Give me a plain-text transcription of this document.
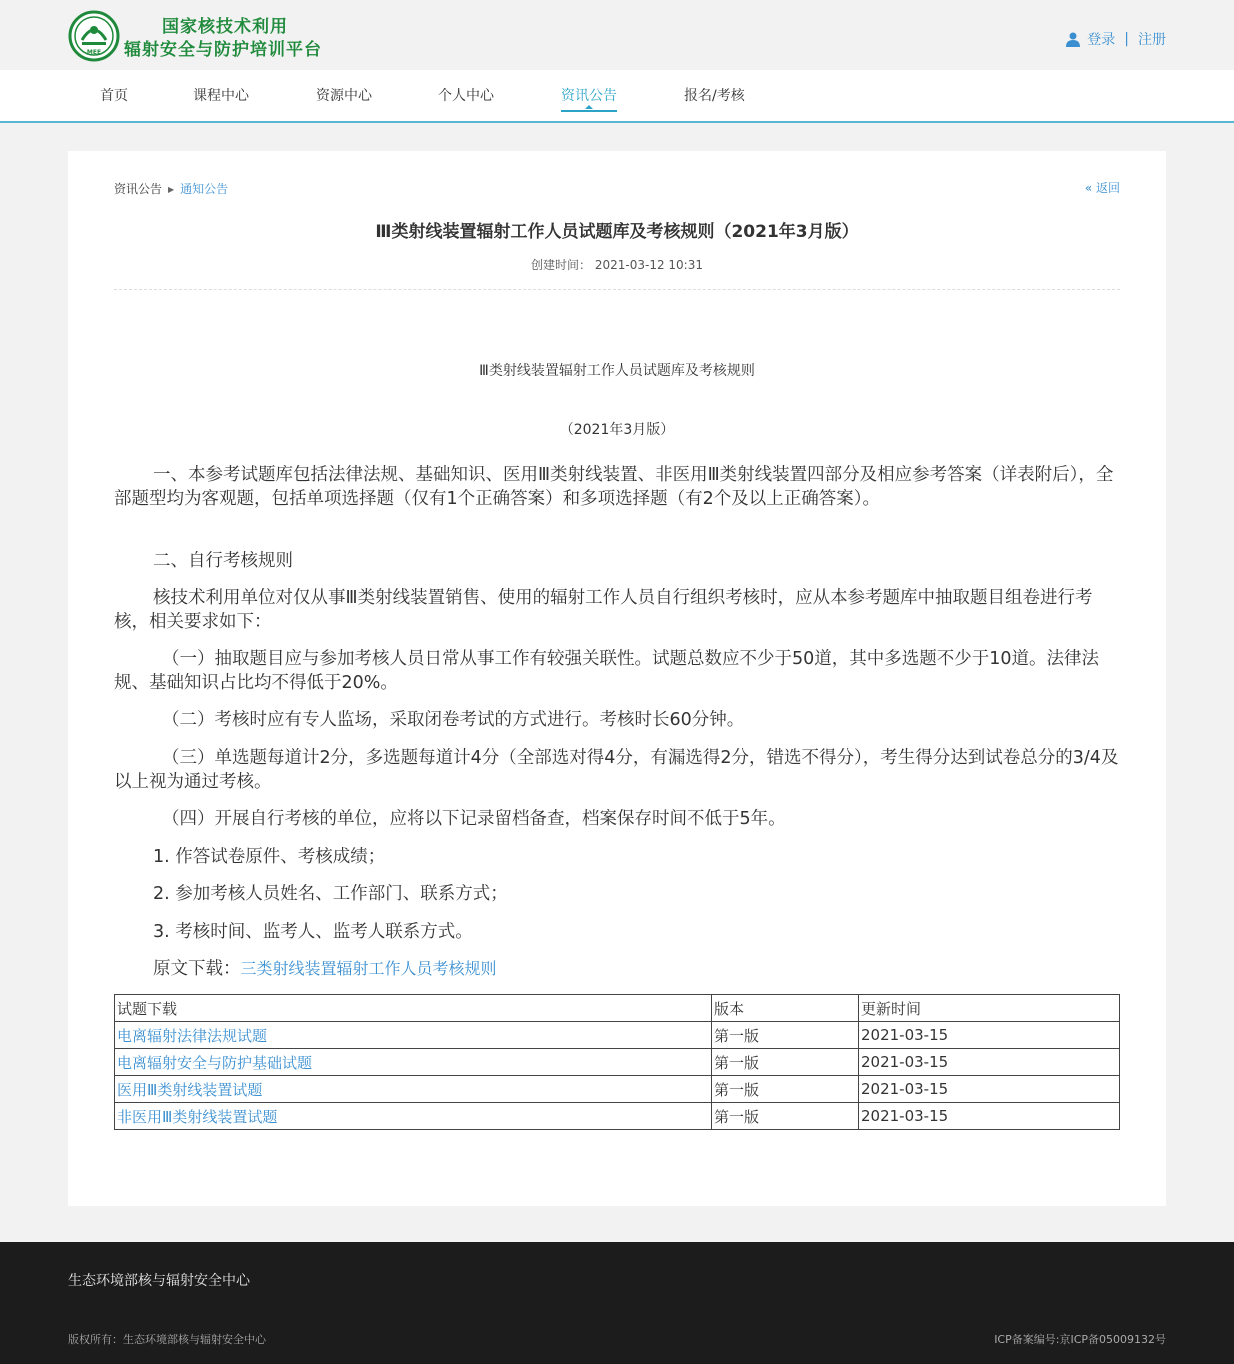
MEE
国家核技术利用
辐射安全与防护培训平台	登录 | 注册
首页	课程中心	资源中心	个人中心	资讯公告	报名/考核
资讯公告 ▶ 通知公告	« 返回
Ⅲ类射线装置辐射工作人员试题库及考核规则（2021年3月版）
创建时间： 2021-03-12 10:31
Ⅲ类射线装置辐射工作人员试题库及考核规则
（2021年3月版）

一、本参考试题库包括法律法规、基础知识、医用Ⅲ类射线装置、非医用Ⅲ类射线装置四部分及相应参考答案（详表附后），全部题型均为客观题，包括单项选择题（仅有1个正确答案）和多项选择题（有2个及以上正确答案）。

二、自行考核规则

核技术利用单位对仅从事Ⅲ类射线装置销售、使用的辐射工作人员自行组织考核时，应从本参考题库中抽取题目组卷进行考核，相关要求如下：

（一）抽取题目应与参加考核人员日常从事工作有较强关联性。试题总数应不少于50道，其中多选题不少于10道。法律法规、基础知识占比均不得低于20%。

（二）考核时应有专人监场，采取闭卷考试的方式进行。考核时长60分钟。

（三）单选题每道计2分，多选题每道计4分（全部选对得4分，有漏选得2分，错选不得分），考生得分达到试卷总分的3/4及以上视为通过考核。

（四）开展自行考核的单位，应将以下记录留档备查，档案保存时间不低于5年。

1. 作答试卷原件、考核成绩；

2. 参加考核人员姓名、工作部门、联系方式；

3. 考核时间、监考人、监考人联系方式。

原文下载：三类射线装置辐射工作人员考核规则

试题下载	版本	更新时间
电离辐射法律法规试题	第一版	2021-03-15
电离辐射安全与防护基础试题	第一版	2021-03-15
医用Ⅲ类射线装置试题	第一版	2021-03-15
非医用Ⅲ类射线装置试题	第一版	2021-03-15
生态环境部核与辐射安全中心
版权所有：生态环境部核与辐射安全中心	ICP备案编号:京ICP备05009132号
